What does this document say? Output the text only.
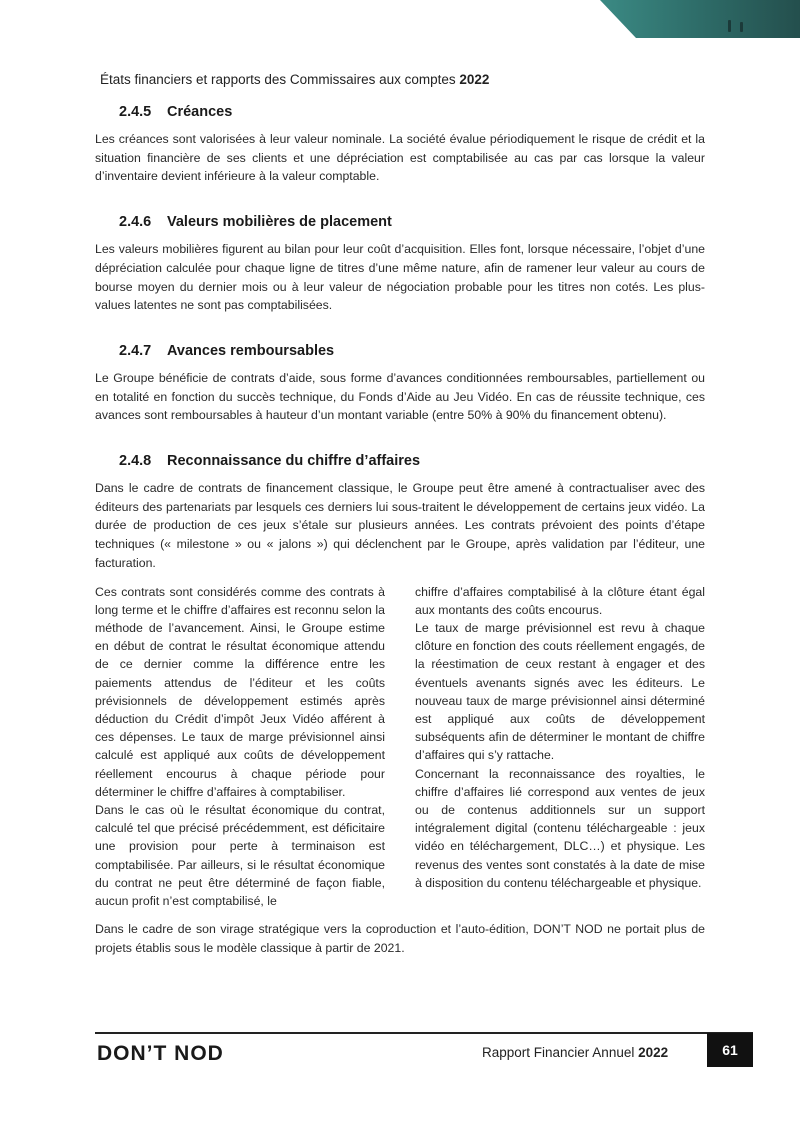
États financiers et rapports des Commissaires aux comptes 2022
2.4.5 Créances

Les créances sont valorisées à leur valeur nominale. La société évalue périodiquement le risque de crédit et la situation financière de ses clients et une dépréciation est comptabilisée au cas par cas lorsque la valeur d’inventaire devient inférieure à la valeur comptable.

2.4.6 Valeurs mobilières de placement

Les valeurs mobilières figurent au bilan pour leur coût d’acquisition. Elles font, lorsque nécessaire, l’objet d’une dépréciation calculée pour chaque ligne de titres d’une même nature, afin de ramener leur valeur au cours de bourse moyen du dernier mois ou à leur valeur de négociation probable pour les titres non cotés. Les plus-values latentes ne sont pas comptabilisées.

2.4.7 Avances remboursables

Le Groupe bénéficie de contrats d’aide, sous forme d’avances conditionnées remboursables, partiellement ou en totalité en fonction du succès technique, du Fonds d’Aide au Jeu Vidéo. En cas de réussite technique, ces avances sont remboursables à hauteur d’un montant variable (entre 50% à 90% du financement obtenu).

2.4.8 Reconnaissance du chiffre d’affaires

Dans le cadre de contrats de financement classique, le Groupe peut être amené à contractualiser avec des éditeurs des partenariats par lesquels ces derniers lui sous-traitent le développement de certains jeux vidéo. La durée de production de ces jeux s’étale sur plusieurs années. Les contrats prévoient des points d’étape techniques (« milestone » ou « jalons ») qui déclenchent par le Groupe, après validation par l’éditeur, une facturation.

Ces contrats sont considérés comme des contrats à long terme et le chiffre d’affaires est reconnu selon la méthode de l’avancement. Ainsi, le Groupe estime en début de contrat le résultat économique attendu de ce dernier comme la différence entre les paiements attendus de l’éditeur et les coûts prévisionnels de développement estimés après déduction du Crédit d’impôt Jeux Vidéo afférent à ces dépenses. Le taux de marge prévisionnel ainsi calculé est appliqué aux coûts de développement réellement encourus à chaque période pour déterminer le chiffre d’affaires à comptabiliser.

Dans le cas où le résultat économique du contrat, calculé tel que précisé précédemment, est déficitaire une provision pour perte à terminaison est comptabilisée. Par ailleurs, si le résultat économique du contrat ne peut être déterminé de façon fiable, aucun profit n’est comptabilisé, le

chiffre d’affaires comptabilisé à la clôture étant égal aux montants des coûts encourus.

Le taux de marge prévisionnel est revu à chaque clôture en fonction des couts réellement engagés, de la réestimation de ceux restant à engager et des éventuels avenants signés avec les éditeurs. Le nouveau taux de marge prévisionnel ainsi déterminé est appliqué aux coûts de développement subséquents afin de déterminer le montant de chiffre d’affaires qui s’y rattache.

Concernant la reconnaissance des royalties, le chiffre d’affaires lié correspond aux ventes de jeux ou de contenus additionnels sur un support intégralement digital (contenu téléchargeable : jeux vidéo en téléchargement, DLC…) et physique. Les revenus des ventes sont constatés à la date de mise à disposition du contenu téléchargeable et physique.

Dans le cadre de son virage stratégique vers la coproduction et l’auto-édition, DON’T NOD ne portait plus de projets établis sous le modèle classique à partir de 2021.

DON’T NOD	Rapport Financier Annuel 2022	61
